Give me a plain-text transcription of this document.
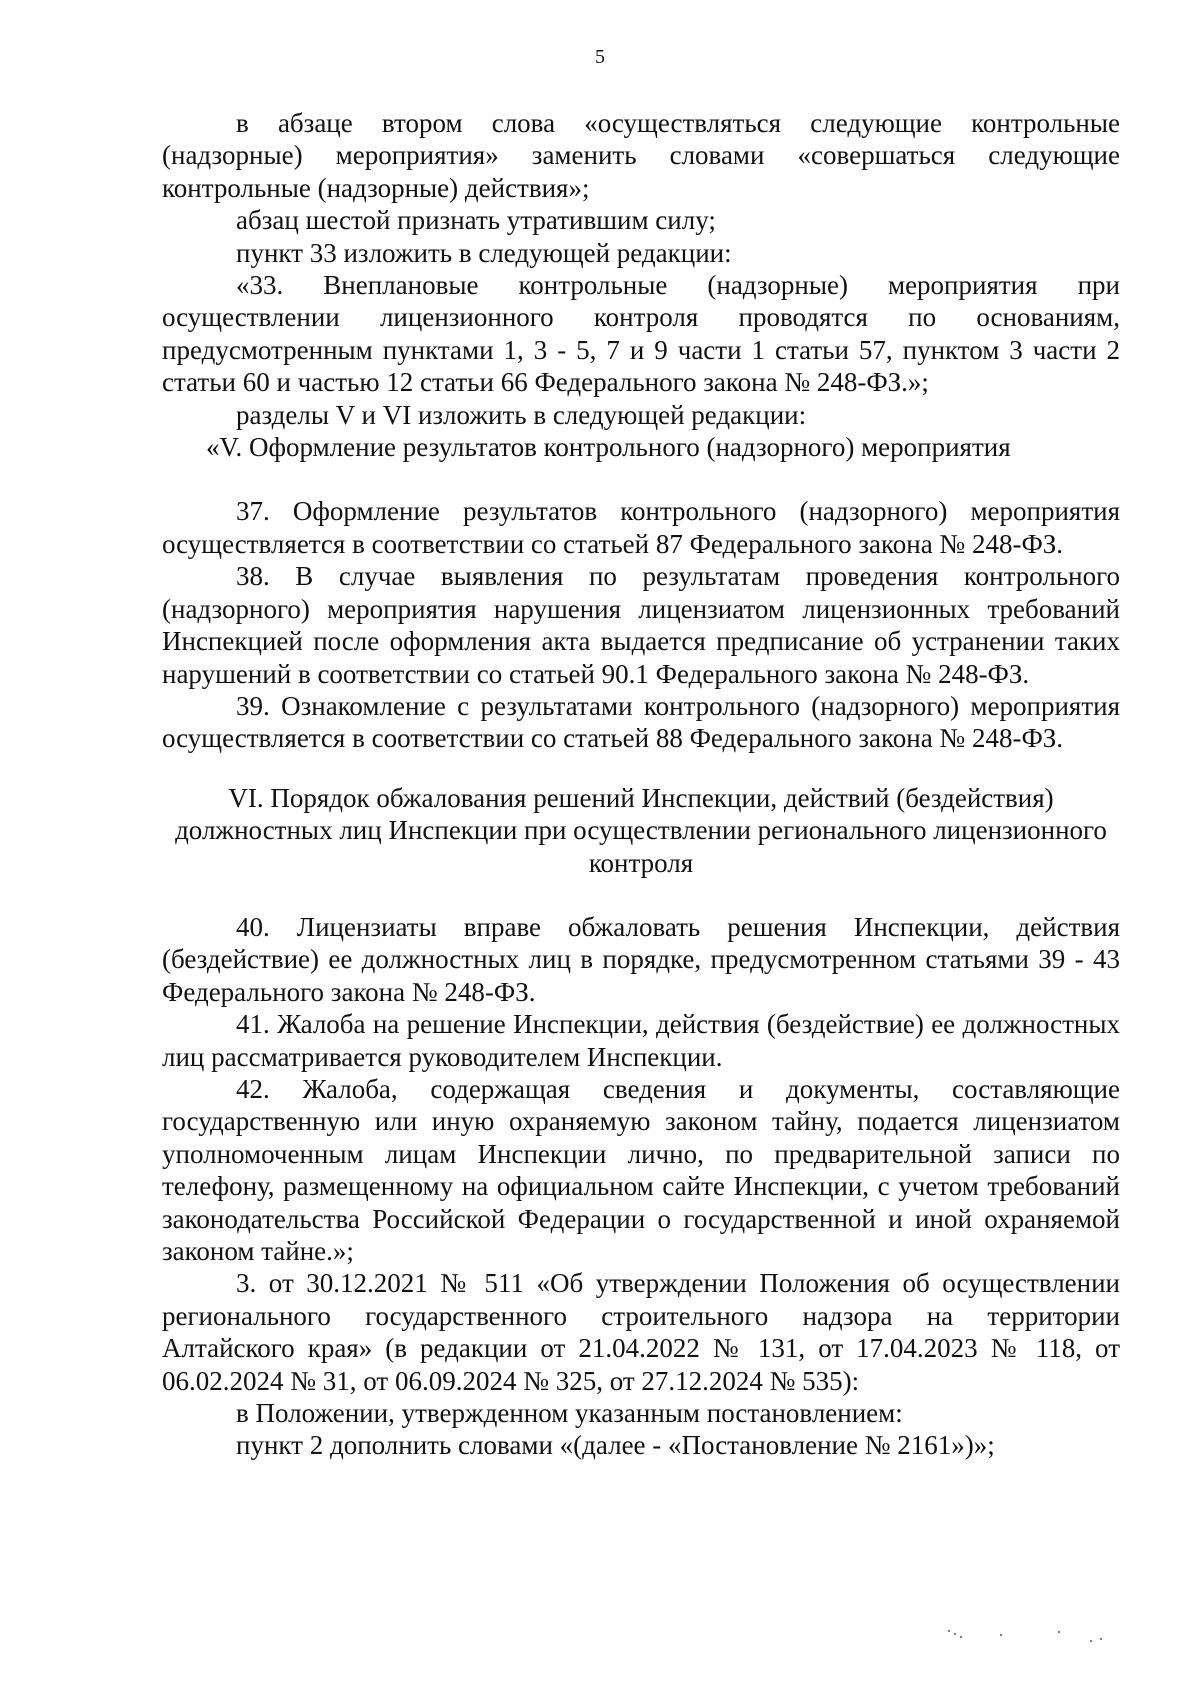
5

в абзаце втором слова «осуществляться следующие контрольные (надзорные) мероприятия» заменить словами «совершаться следующие контрольные (надзорные) действия»;

абзац шестой признать утратившим силу;

пункт 33 изложить в следующей редакции:

«33. Внеплановые контрольные (надзорные) мероприятия при осуществлении лицензионного контроля проводятся по основаниям, предусмотренным пунктами 1, 3 - 5, 7 и 9 части 1 статьи 57, пунктом 3 части 2 статьи 60 и частью 12 статьи 66 Федерального закона № 248-ФЗ.»;

разделы V и VI изложить в следующей редакции:

«V. Оформление результатов контрольного (надзорного) мероприятия

37. Оформление результатов контрольного (надзорного) мероприятия осуществляется в соответствии со статьей 87 Федерального закона № 248-ФЗ.

38. В случае выявления по результатам проведения контрольного (надзорного) мероприятия нарушения лицензиатом лицензионных требований Инспекцией после оформления акта выдается предписание об устранении таких нарушений в соответствии со статьей 90.1 Федерального закона № 248-ФЗ.

39. Ознакомление с результатами контрольного (надзорного) мероприятия осуществляется в соответствии со статьей 88 Федерального закона № 248-ФЗ.

VI. Порядок обжалования решений Инспекции, действий (бездействия) должностных лиц Инспекции при осуществлении регионального лицензионного контроля

40. Лицензиаты вправе обжаловать решения Инспекции, действия (бездействие) ее должностных лиц в порядке, предусмотренном статьями 39 - 43 Федерального закона № 248-ФЗ.

41. Жалоба на решение Инспекции, действия (бездействие) ее должностных лиц рассматривается руководителем Инспекции.

42. Жалоба, содержащая сведения и документы, составляющие государственную или иную охраняемую законом тайну, подается лицензиатом уполномоченным лицам Инспекции лично, по предварительной записи по телефону, размещенному на официальном сайте Инспекции, с учетом требований законодательства Российской Федерации о государственной и иной охраняемой законом тайне.»;

3. от 30.12.2021 № 511 «Об утверждении Положения об осуществлении регионального государственного строительного надзора на территории Алтайского края» (в редакции от 21.04.2022 № 131, от 17.04.2023 № 118, от 06.02.2024 № 31, от 06.09.2024 № 325, от 27.12.2024 № 535):

в Положении, утвержденном указанным постановлением:

пункт 2 дополнить словами «(далее - «Постановление № 2161»)»;
